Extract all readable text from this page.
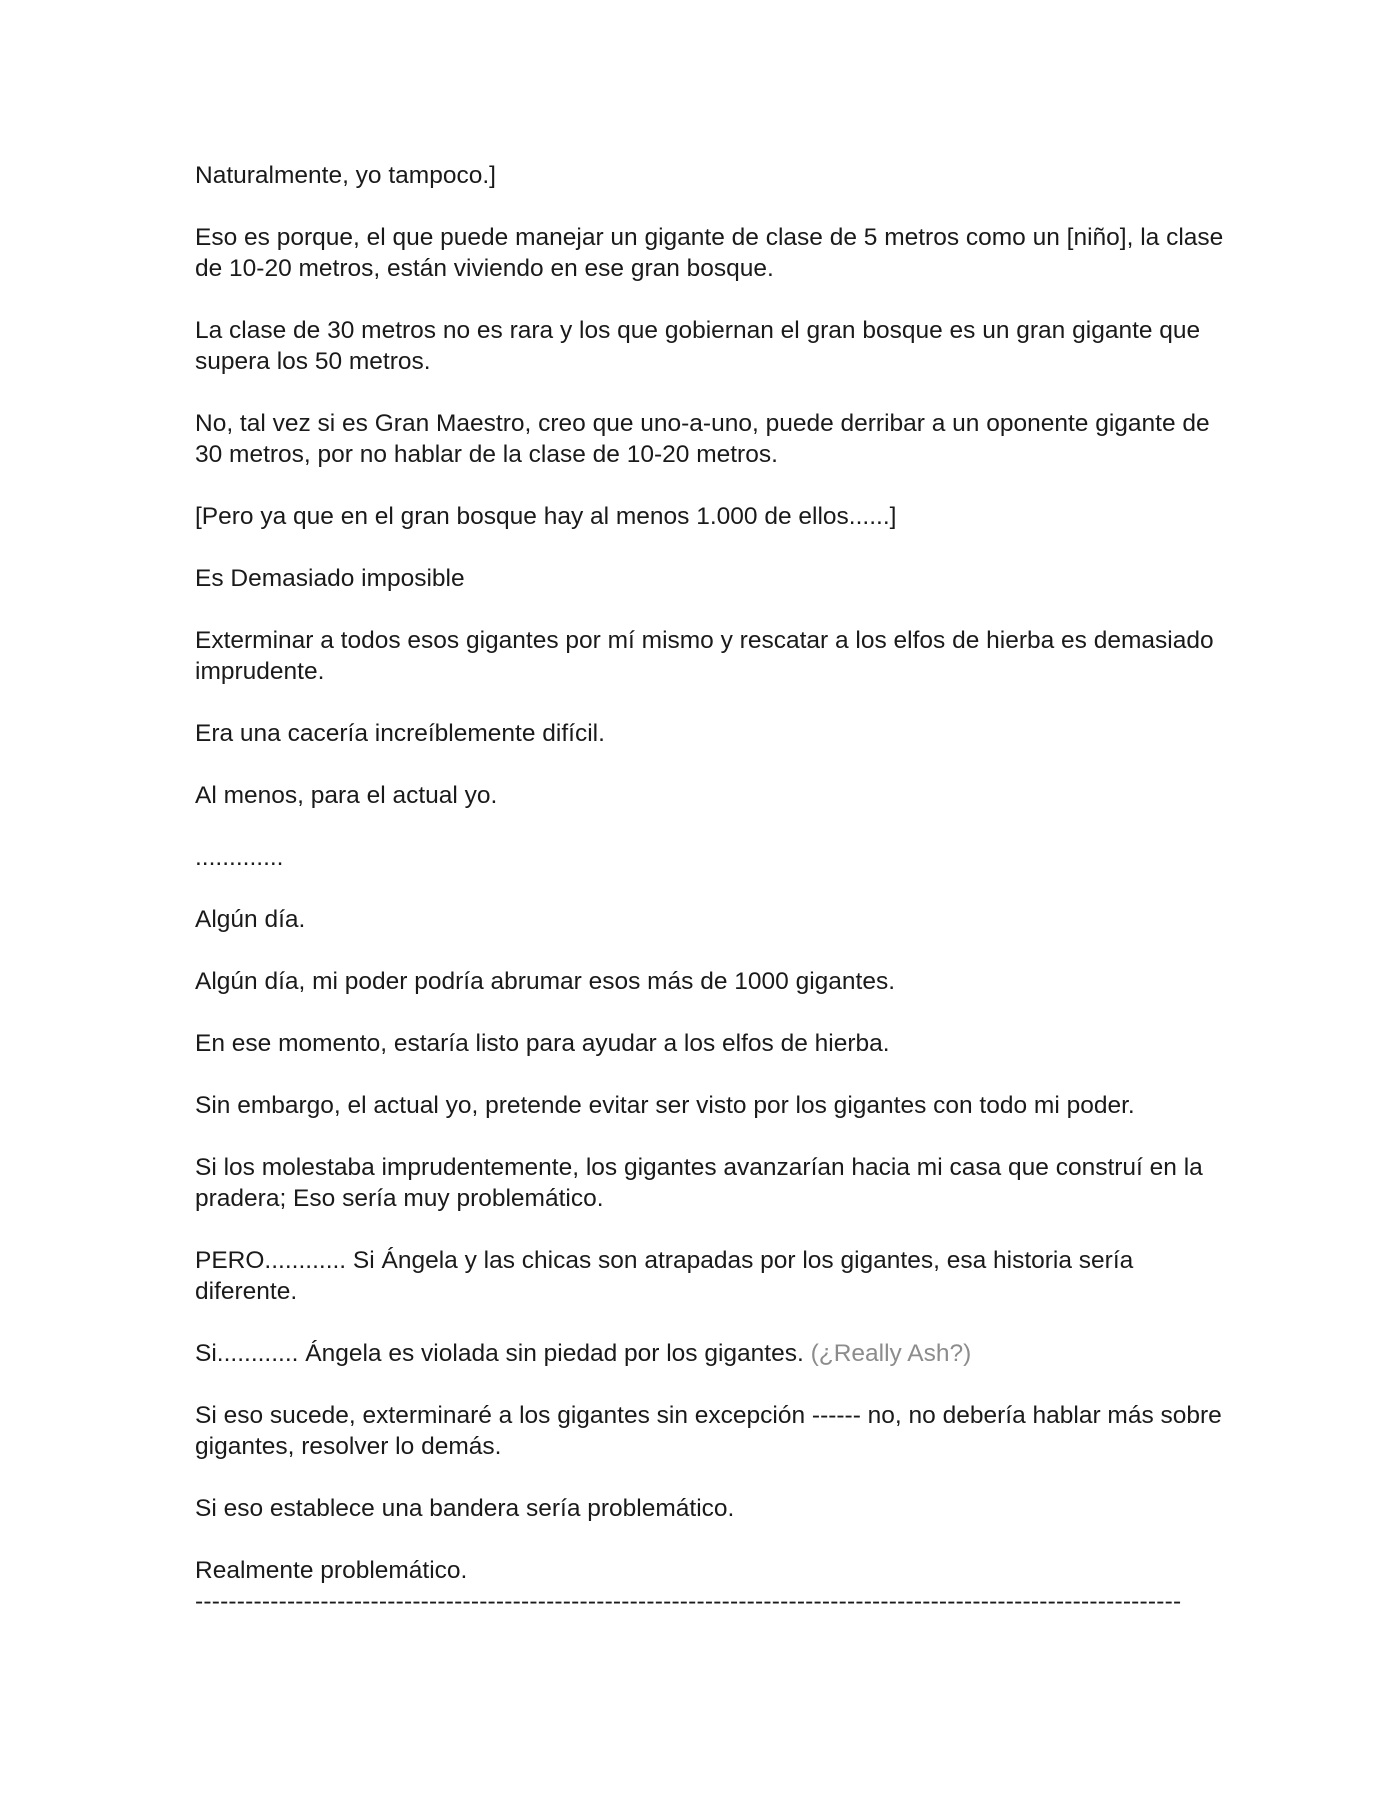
Naturalmente, yo tampoco.]

Eso es porque, el que puede manejar un gigante de clase de 5 metros como un [niño], la clase de 10-20 metros, están viviendo en ese gran bosque.

La clase de 30 metros no es rara y los que gobiernan el gran bosque es un gran gigante que supera los 50 metros.

No, tal vez si es Gran Maestro, creo que uno-a-uno, puede derribar a un oponente gigante de 30 metros, por no hablar de la clase de 10-20 metros.

[Pero ya que en el gran bosque hay al menos 1.000 de ellos......]

Es Demasiado imposible

Exterminar a todos esos gigantes por mí mismo y rescatar a los elfos de hierba es demasiado imprudente.

Era una cacería increíblemente difícil.

Al menos, para el actual yo.

.............

Algún día.

Algún día, mi poder podría abrumar esos más de 1000 gigantes.

En ese momento, estaría listo para ayudar a los elfos de hierba.

Sin embargo, el actual yo, pretende evitar ser visto por los gigantes con todo mi poder.

Si los molestaba imprudentemente, los gigantes avanzarían hacia mi casa que construí en la pradera; Eso sería muy problemático.

PERO............ Si Ángela y las chicas son atrapadas por los gigantes, esa historia sería diferente.

Si............ Ángela es violada sin piedad por los gigantes. (¿Really Ash?)

Si eso sucede, exterminaré a los gigantes sin excepción ------ no, no debería hablar más sobre gigantes, resolver lo demás.

Si eso establece una bandera sería problemático.

Realmente problemático.

----------------------------------------------------------------------------------------------------------------------
